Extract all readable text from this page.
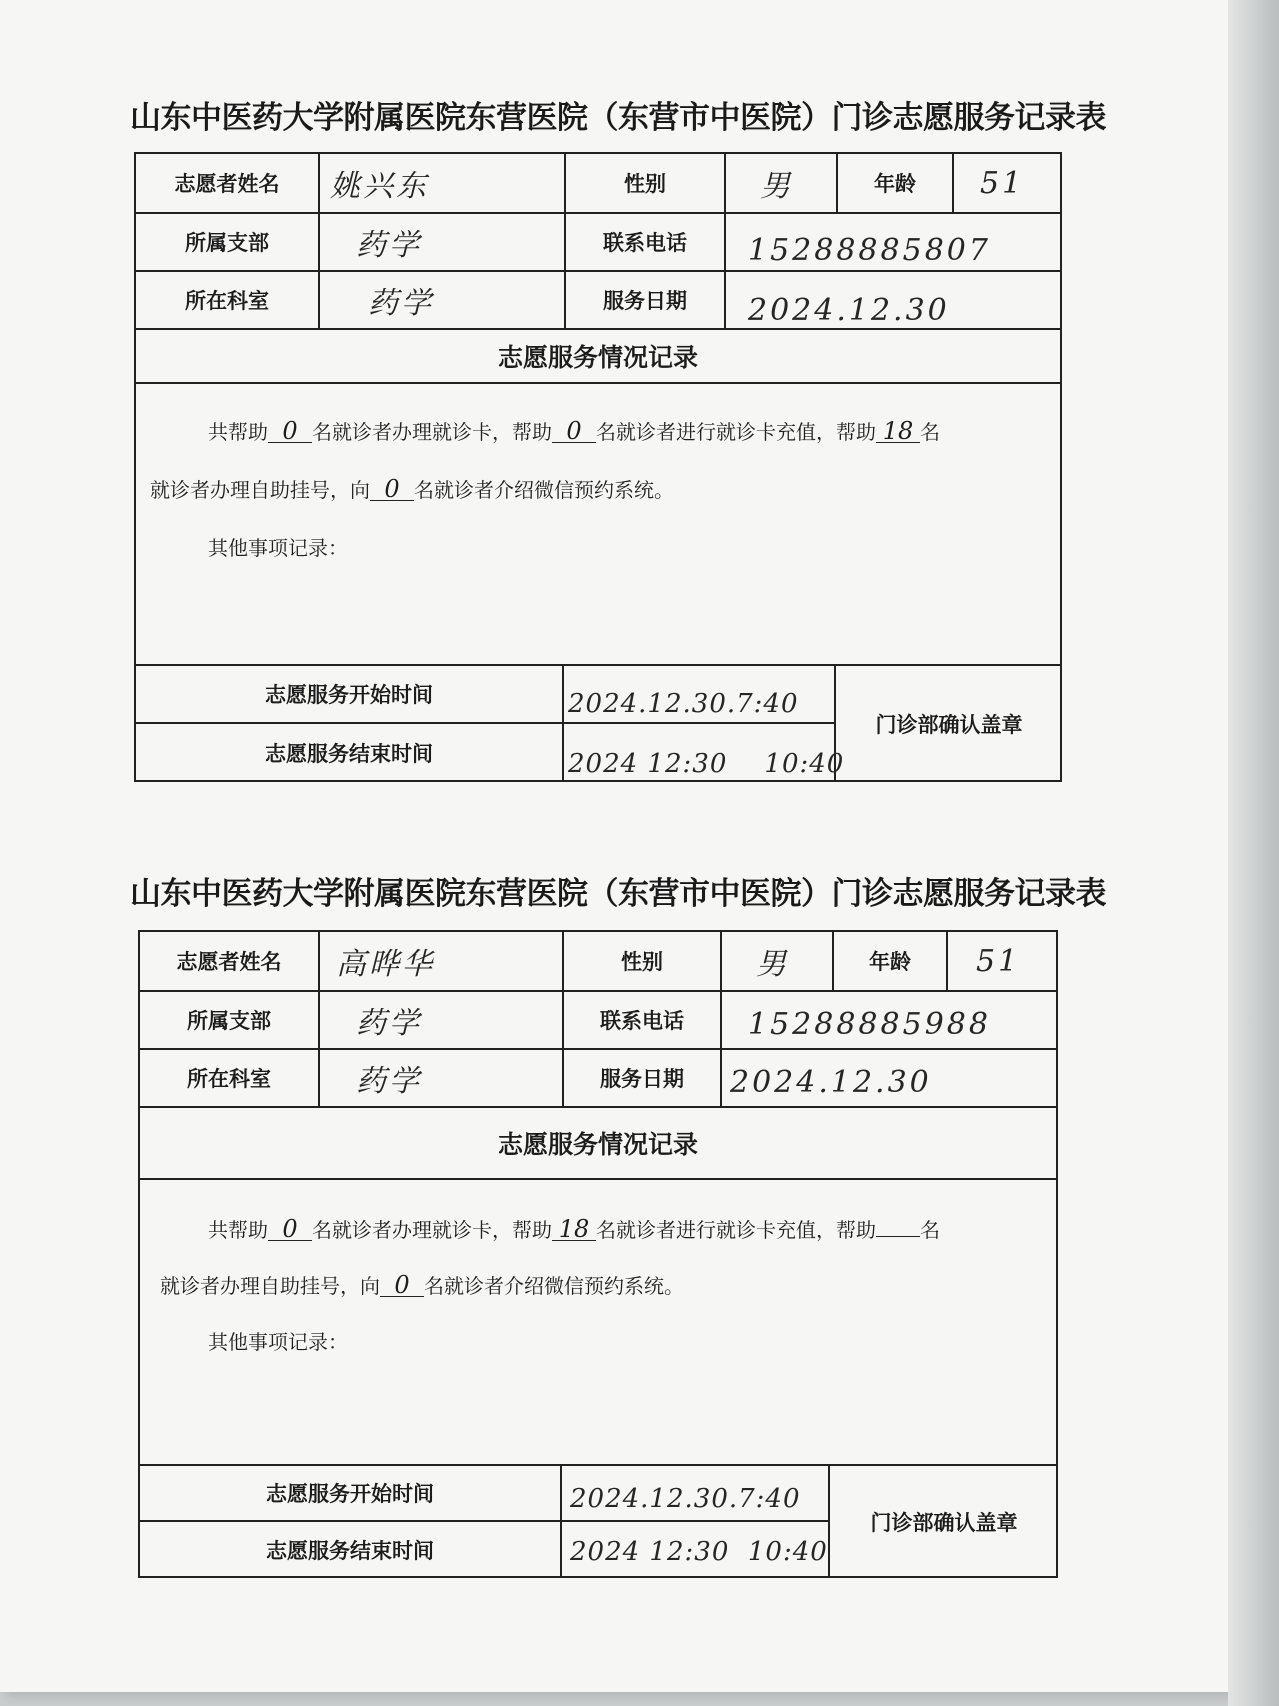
山东中医药大学附属医院东营医院（东营市中医院）门诊志愿服务记录表
志愿者姓名	姚兴东	性别	男	年龄	51
所属支部	药学	联系电话	15288885807
所在科室	药学	服务日期	2024.12.30
志愿服务情况记录
共帮助 0 名就诊者办理就诊卡，帮助 0 名就诊者进行就诊卡充值，帮助 18 名
就诊者办理自助挂号，向 0 名就诊者介绍微信预约系统。
其他事项记录：
志愿服务开始时间	2024.12.30.7:40
志愿服务结束时间	2024 12:30    10:40
门诊部确认盖章
山东中医药大学附属医院东营医院（东营市中医院）门诊志愿服务记录表
志愿者姓名	高晔华	性别	男	年龄	51
所属支部	药学	联系电话	15288885988
所在科室	药学	服务日期	2024.12.30
志愿服务情况记录
共帮助 0 名就诊者办理就诊卡，帮助 18 名就诊者进行就诊卡充值，帮助 名
就诊者办理自助挂号，向 0 名就诊者介绍微信预约系统。
其他事项记录：
志愿服务开始时间	2024.12.30.7:40
志愿服务结束时间	2024 12:30  10:40
门诊部确认盖章
